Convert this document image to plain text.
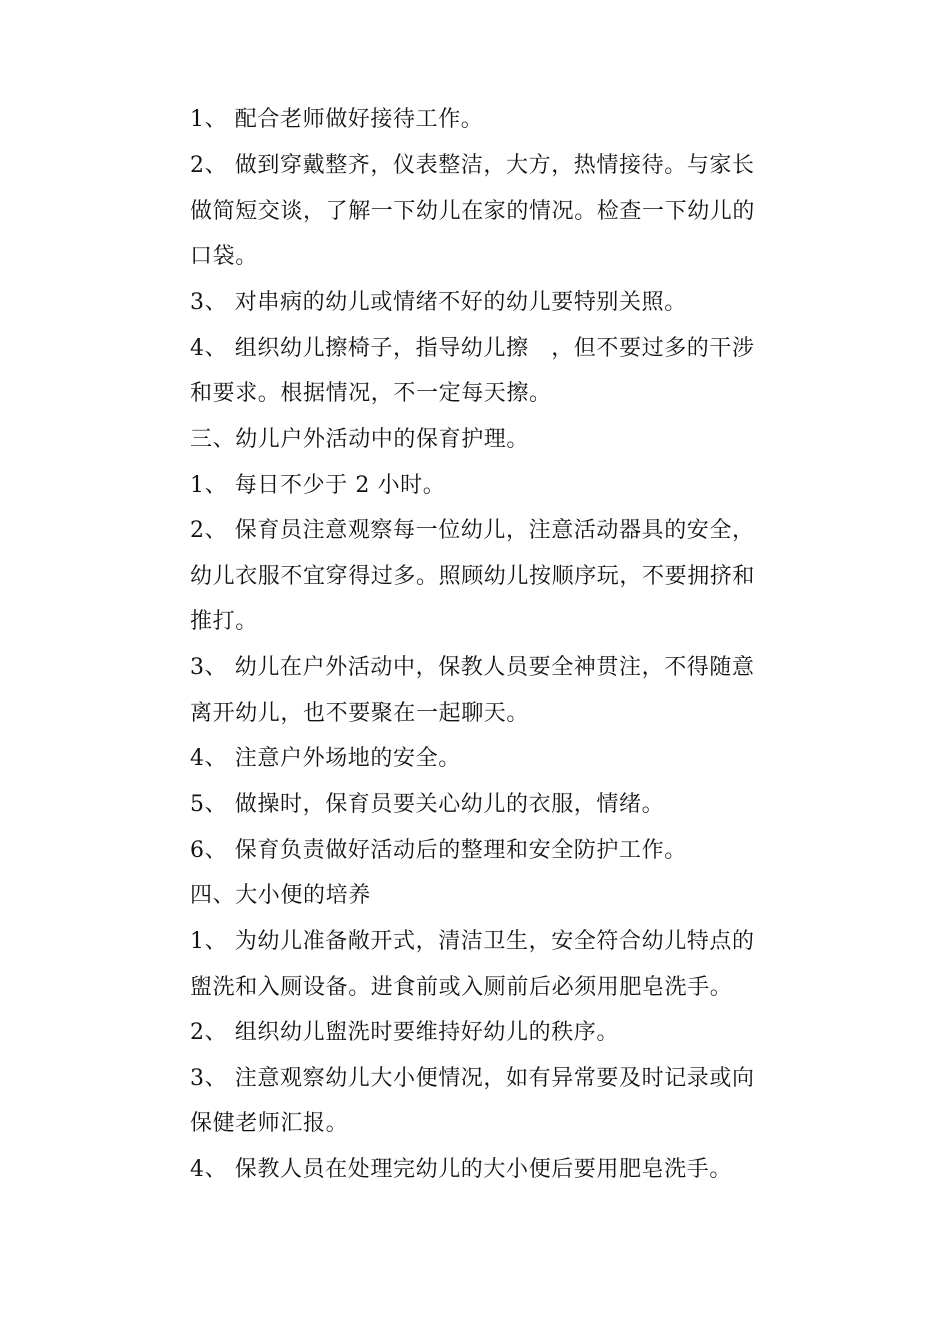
1、 配合老师做好接待工作。
2、 做到穿戴整齐，仪表整洁，大方，热情接待。与家长
做简短交谈，了解一下幼儿在家的情况。检查一下幼儿的
口袋。
3、 对串病的幼儿或情绪不好的幼儿要特别关照。
4、 组织幼儿擦椅子，指导幼儿擦　，但不要过多的干涉
和要求。根据情况，不一定每天擦。
三、幼儿户外活动中的保育护理。
1、 每日不少于 2 小时。
2、 保育员注意观察每一位幼儿，注意活动器具的安全，
幼儿衣服不宜穿得过多。照顾幼儿按顺序玩，不要拥挤和
推打。
3、 幼儿在户外活动中，保教人员要全神贯注，不得随意
离开幼儿，也不要聚在一起聊天。
4、 注意户外场地的安全。
5、 做操时，保育员要关心幼儿的衣服，情绪。
6、 保育负责做好活动后的整理和安全防护工作。
四、大小便的培养
1、 为幼儿准备敞开式，清洁卫生，安全符合幼儿特点的
盥洗和入厕设备。进食前或入厕前后必须用肥皂洗手。
2、 组织幼儿盥洗时要维持好幼儿的秩序。
3、 注意观察幼儿大小便情况，如有异常要及时记录或向
保健老师汇报。
4、 保教人员在处理完幼儿的大小便后要用肥皂洗手。
